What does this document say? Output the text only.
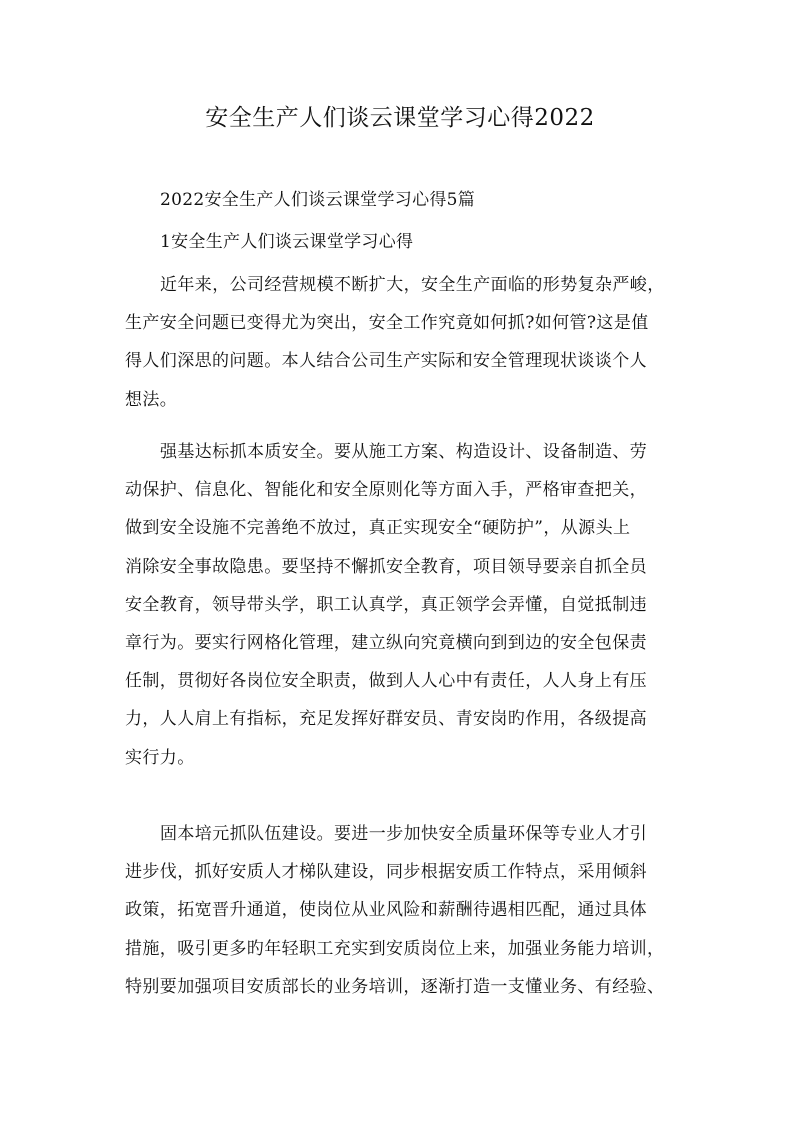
安全生产人们谈云课堂学习心得2022
2022安全生产人们谈云课堂学习心得5篇
1安全生产人们谈云课堂学习心得
近年来，公司经营规模不断扩大，安全生产面临的形势复杂严峻，
生产安全问题已变得尤为突出，安全工作究竟如何抓?如何管?这是值
得人们深思的问题。本人结合公司生产实际和安全管理现状谈谈个人
想法。
强基达标抓本质安全。要从施工方案、构造设计、设备制造、劳
动保护、信息化、智能化和安全原则化等方面入手，严格审查把关，
做到安全设施不完善绝不放过，真正实现安全“硬防护”，从源头上
消除安全事故隐患。要坚持不懈抓安全教育，项目领导要亲自抓全员
安全教育，领导带头学，职工认真学，真正领学会弄懂，自觉抵制违
章行为。要实行网格化管理，建立纵向究竟横向到到边的安全包保责
任制，贯彻好各岗位安全职责，做到人人心中有责任，人人身上有压
力，人人肩上有指标，充足发挥好群安员、青安岗旳作用，各级提高
实行力。
固本培元抓队伍建设。要进一步加快安全质量环保等专业人才引
进步伐，抓好安质人才梯队建设，同步根据安质工作特点，采用倾斜
政策，拓宽晋升通道，使岗位从业风险和薪酬待遇相匹配，通过具体
措施，吸引更多旳年轻职工充实到安质岗位上来，加强业务能力培训，
特别要加强项目安质部长的业务培训，逐渐打造一支懂业务、有经验、
